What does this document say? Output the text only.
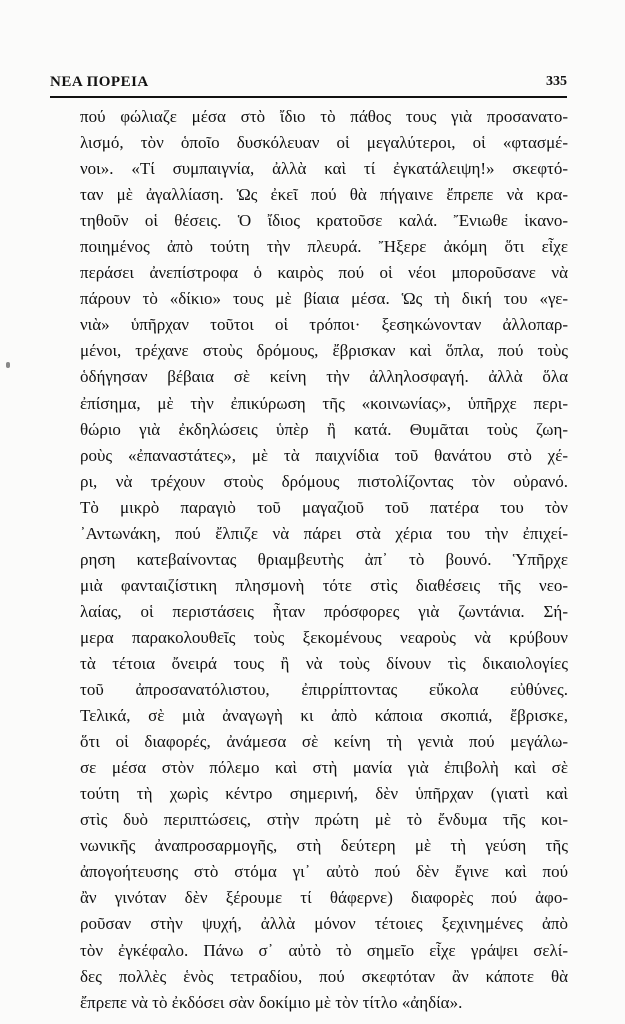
ΝΕΑ ΠΟΡΕΙΑ	335
πού φώλιαζε μέσα στὸ ἴδιο τὸ πάθος τους γιὰ προσανατο-
λισμό, τὸν ὁποῖο δυσκόλευαν οἱ μεγαλύτεροι, οἱ «φτασμέ-
νοι». «Τί συμπαιγνία, ἀλλὰ καὶ τί ἐγκατάλειψη!» σκεφτό-
ταν μὲ ἀγαλλίαση. Ὡς ἐκεῖ πού θὰ πήγαινε ἔπρεπε νὰ κρα-
τηθοῦν οἱ θέσεις. Ὁ ἴδιος κρατοῦσε καλά. Ἔνιωθε ἱκανο-
ποιημένος ἀπὸ τούτη τὴν πλευρά. Ἤξερε ἀκόμη ὅτι εἶχε
περάσει ἀνεπίστροφα ὁ καιρὸς πού οἱ νέοι μποροῦσανε νὰ
πάρουν τὸ «δίκιο» τους μὲ βίαια μέσα. Ὡς τὴ δική του «γε-
νιὰ» ὑπῆρχαν τοῦτοι οἱ τρόποι· ξεσηκώνονταν ἀλλοπαρ-
μένοι, τρέχανε στοὺς δρόμους, ἔβρισκαν καὶ ὅπλα, πού τοὺς
ὁδήγησαν βέβαια σὲ κείνη τὴν ἀλληλοσφαγή. ἀλλὰ ὅλα
ἐπίσημα, μὲ τὴν ἐπικύρωση τῆς «κοινωνίας», ὑπῆρχε περι-
θώριο γιὰ ἐκδηλώσεις ὑπὲρ ἢ κατά. Θυμᾶται τοὺς ζωη-
ροὺς «ἐπαναστάτες», μὲ τὰ παιχνίδια τοῦ θανάτου στὸ χέ-
ρι, νὰ τρέχουν στοὺς δρόμους πιστολίζοντας τὸν οὐρανό.
Τὸ μικρὸ παραγιὸ τοῦ μαγαζιοῦ τοῦ πατέρα του τὸν
᾿Αντωνάκη, πού ἔλπιζε νὰ πάρει στὰ χέρια του τὴν ἐπιχεί-
ρηση κατεβαίνοντας θριαμβευτὴς ἀπ᾿ τὸ βουνό. Ὑπῆρχε
μιὰ φανταιζίστικη πλησμονὴ τότε στὶς διαθέσεις τῆς νεο-
λαίας, οἱ περιστάσεις ἦταν πρόσφορες γιὰ ζωντάνια. Σή-
μερα παρακολουθεῖς τοὺς ξεκομένους νεαροὺς νὰ κρύβουν
τὰ τέτοια ὄνειρά τους ἢ νὰ τοὺς δίνουν τὶς δικαιολογίες
τοῦ ἀπροσανατόλιστου, ἐπιρρίπτοντας εὔκολα εὐθύνες.
Τελικά, σὲ μιὰ ἀναγωγὴ κι ἀπὸ κάποια σκοπιά, ἔβρισκε,
ὅτι οἱ διαφορές, ἀνάμεσα σὲ κείνη τὴ γενιὰ πού μεγάλω-
σε μέσα στὸν πόλεμο καὶ στὴ μανία γιὰ ἐπιβολὴ καὶ σὲ
τούτη τὴ χωρὶς κέντρο σημερινή, δὲν ὑπῆρχαν (γιατὶ καὶ
στὶς δυὸ περιπτώσεις, στὴν πρώτη μὲ τὸ ἔνδυμα τῆς κοι-
νωνικῆς ἀναπροσαρμογῆς, στὴ δεύτερη μὲ τὴ γεύση τῆς
ἀπογοήτευσης στὸ στόμα γι᾿ αὐτὸ πού δὲν ἔγινε καὶ πού
ἂν γινόταν δὲν ξέρουμε τί θάφερνε) διαφορὲς πού ἀφο-
ροῦσαν στὴν ψυχή, ἀλλὰ μόνον τέτοιες ξεχινημένες ἀπὸ
τὸν ἐγκέφαλο. Πάνω σ᾿ αὐτὸ τὸ σημεῖο εἶχε γράψει σελί-
δες πολλὲς ἑνὸς τετραδίου, πού σκεφτόταν ἂν κάποτε θὰ
ἔπρεπε νὰ τὸ ἐκδόσει σὰν δοκίμιο μὲ τὸν τίτλο «ἀηδία».
